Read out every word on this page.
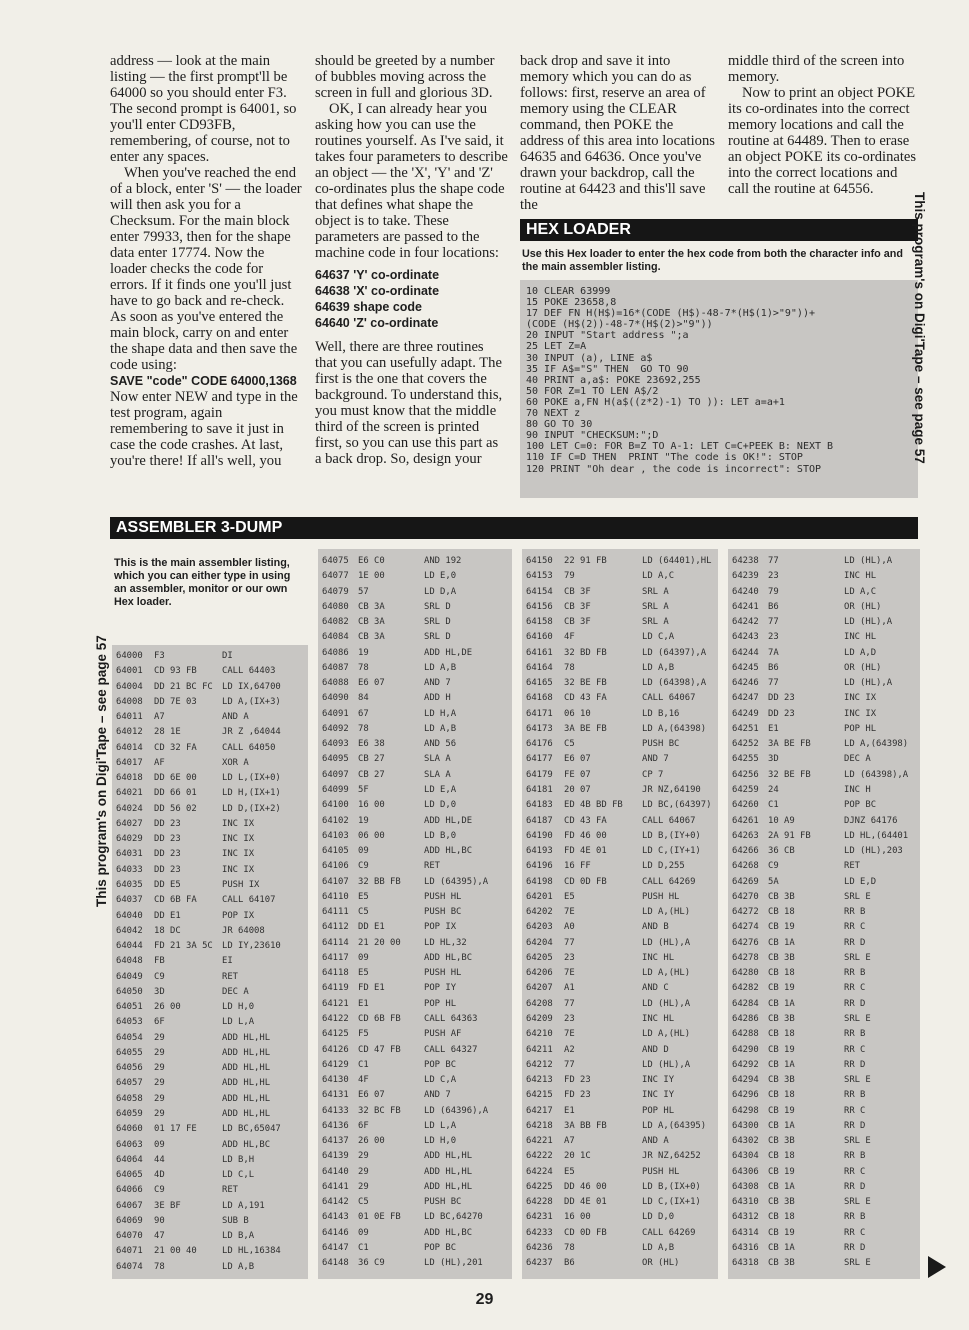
address — look at the main listing — the first prompt'll be 64000 so you should enter F3. The second prompt is 64001, so you'll enter CD93FB, remembering, of course, not to enter any spaces.

When you've reached the end of a block, enter 'S' — the loader will then ask you for a Checksum. For the main block enter 79933, then for the shape data enter 17774. Now the loader checks the code for errors. If it finds one you'll just have to go back and re-check. As soon as you've entered the main block, carry on and enter the shape data and then save the code using:

SAVE "code" CODE 64000,1368

Now enter NEW and type in the test program, again remembering to save it just in case the code crashes. At last, you're there! If all's well, you

should be greeted by a number of bubbles moving across the screen in full and glorious 3D.

OK, I can already hear you asking how you can use the routines yourself. As I've said, it takes four parameters to describe an object — the 'X', 'Y' and 'Z' co-ordinates plus the shape code that defines what shape the object is to take. These parameters are passed to the machine code in four locations:

64637 'Y' co-ordinate

64638 'X' co-ordinate

64639 shape code

64640 'Z' co-ordinate

Well, there are three routines that you can usefully adapt. The first is the one that covers the background. To understand this, you must know that the middle third of the screen is printed first, so you can use this part as a back drop. So, design your

back drop and save it into memory which you can do as follows: first, reserve an area of memory using the CLEAR command, then POKE the address of this area into locations 64635 and 64636. Once you've drawn your backdrop, call the routine at 64423 and this'll save the

middle third of the screen into memory.

Now to print an object POKE its co-ordinates into the correct memory locations and call the routine at 64489. Then to erase an object POKE its co-ordinates into the correct locations and call the routine at 64556.

HEX LOADER
Use this Hex loader to enter the hex code from both the character info and the main assembler listing.
10 CLEAR 63999
15 POKE 23658,8
17 DEF FN H(H$)=16*(CODE (H$)-48-7*(H$(1)>"9"))+
(CODE (H$(2))-48-7*(H$(2)>"9"))
20 INPUT "Start address ";a
25 LET Z=A
30 INPUT (a), LINE a$
35 IF A$="S" THEN  GO TO 90
40 PRINT a,a$: POKE 23692,255
50 FOR Z=1 TO LEN A$/2
60 POKE a,FN H(a$((z*2)-1) TO )): LET a=a+1
70 NEXT z
80 GO TO 30
90 INPUT "CHECKSUM:";D
100 LET C=0: FOR B=Z TO A-1: LET C=C+PEEK B: NEXT B
110 IF C=D THEN  PRINT "The code is OK!": STOP
120 PRINT "Oh dear , the code is incorrect": STOP
ASSEMBLER 3-DUMP
This program's on Digi'Tape – see page 57
This program's on Digi'Tape – see page 57
This is the main assembler listing, which you can either type in using an assembler, monitor or our own Hex loader.
64000	F3	DI
64001	CD 93 FB	CALL 64403
64004	DD 21 BC FC	LD IX,64700
64008	DD 7E 03	LD A,(IX+3)
64011	A7	AND A
64012	28 1E	JR Z ,64044
64014	CD 32 FA	CALL 64050
64017	AF	XOR A
64018	DD 6E 00	LD L,(IX+0)
64021	DD 66 01	LD H,(IX+1)
64024	DD 56 02	LD D,(IX+2)
64027	DD 23	INC IX
64029	DD 23	INC IX
64031	DD 23	INC IX
64033	DD 23	INC IX
64035	DD E5	PUSH IX
64037	CD 6B FA	CALL 64107
64040	DD E1	POP IX
64042	18 DC	JR 64008
64044	FD 21 3A 5C	LD IY,23610
64048	FB	EI
64049	C9	RET
64050	3D	DEC A
64051	26 00	LD H,0
64053	6F	LD L,A
64054	29	ADD HL,HL
64055	29	ADD HL,HL
64056	29	ADD HL,HL
64057	29	ADD HL,HL
64058	29	ADD HL,HL
64059	29	ADD HL,HL
64060	01 17 FE	LD BC,65047
64063	09	ADD HL,BC
64064	44	LD B,H
64065	4D	LD C,L
64066	C9	RET
64067	3E BF	LD A,191
64069	90	SUB B
64070	47	LD B,A
64071	21 00 40	LD HL,16384
64074	78	LD A,B
64075	E6 C0	AND 192
64077	1E 00	LD E,0
64079	57	LD D,A
64080	CB 3A	SRL D
64082	CB 3A	SRL D
64084	CB 3A	SRL D
64086	19	ADD HL,DE
64087	78	LD A,B
64088	E6 07	AND 7
64090	84	ADD H
64091	67	LD H,A
64092	78	LD A,B
64093	E6 38	AND 56
64095	CB 27	SLA A
64097	CB 27	SLA A
64099	5F	LD E,A
64100	16 00	LD D,0
64102	19	ADD HL,DE
64103	06 00	LD B,0
64105	09	ADD HL,BC
64106	C9	RET
64107	32 BB FB	LD (64395),A
64110	E5	PUSH HL
64111	C5	PUSH BC
64112	DD E1	POP IX
64114	21 20 00	LD HL,32
64117	09	ADD HL,BC
64118	E5	PUSH HL
64119	FD E1	POP IY
64121	E1	POP HL
64122	CD 6B FB	CALL 64363
64125	F5	PUSH AF
64126	CD 47 FB	CALL 64327
64129	C1	POP BC
64130	4F	LD C,A
64131	E6 07	AND 7
64133	32 BC FB	LD (64396),A
64136	6F	LD L,A
64137	26 00	LD H,0
64139	29	ADD HL,HL
64140	29	ADD HL,HL
64141	29	ADD HL,HL
64142	C5	PUSH BC
64143	01 0E FB	LD BC,64270
64146	09	ADD HL,BC
64147	C1	POP BC
64148	36 C9	LD (HL),201
64150	22 91 FB	LD (64401),HL
64153	79	LD A,C
64154	CB 3F	SRL A
64156	CB 3F	SRL A
64158	CB 3F	SRL A
64160	4F	LD C,A
64161	32 BD FB	LD (64397),A
64164	78	LD A,B
64165	32 BE FB	LD (64398),A
64168	CD 43 FA	CALL 64067
64171	06 10	LD B,16
64173	3A BE FB	LD A,(64398)
64176	C5	PUSH BC
64177	E6 07	AND 7
64179	FE 07	CP 7
64181	20 07	JR NZ,64190
64183	ED 4B BD FB	LD BC,(64397)
64187	CD 43 FA	CALL 64067
64190	FD 46 00	LD B,(IY+0)
64193	FD 4E 01	LD C,(IY+1)
64196	16 FF	LD D,255
64198	CD 0D FB	CALL 64269
64201	E5	PUSH HL
64202	7E	LD A,(HL)
64203	A0	AND B
64204	77	LD (HL),A
64205	23	INC HL
64206	7E	LD A,(HL)
64207	A1	AND C
64208	77	LD (HL),A
64209	23	INC HL
64210	7E	LD A,(HL)
64211	A2	AND D
64212	77	LD (HL),A
64213	FD 23	INC IY
64215	FD 23	INC IY
64217	E1	POP HL
64218	3A BB FB	LD A,(64395)
64221	A7	AND A
64222	20 1C	JR NZ,64252
64224	E5	PUSH HL
64225	DD 46 00	LD B,(IX+0)
64228	DD 4E 01	LD C,(IX+1)
64231	16 00	LD D,0
64233	CD 0D FB	CALL 64269
64236	78	LD A,B
64237	B6	OR (HL)
64238	77	LD (HL),A
64239	23	INC HL
64240	79	LD A,C
64241	B6	OR (HL)
64242	77	LD (HL),A
64243	23	INC HL
64244	7A	LD A,D
64245	B6	OR (HL)
64246	77	LD (HL),A
64247	DD 23	INC IX
64249	DD 23	INC IX
64251	E1	POP HL
64252	3A BE FB	LD A,(64398)
64255	3D	DEC A
64256	32 BE FB	LD (64398),A
64259	24	INC H
64260	C1	POP BC
64261	10 A9	DJNZ 64176
64263	2A 91 FB	LD HL,(64401
64266	36 CB	LD (HL),203
64268	C9	RET
64269	5A	LD E,D
64270	CB 3B	SRL E
64272	CB 18	RR B
64274	CB 19	RR C
64276	CB 1A	RR D
64278	CB 3B	SRL E
64280	CB 18	RR B
64282	CB 19	RR C
64284	CB 1A	RR D
64286	CB 3B	SRL E
64288	CB 18	RR B
64290	CB 19	RR C
64292	CB 1A	RR D
64294	CB 3B	SRL E
64296	CB 18	RR B
64298	CB 19	RR C
64300	CB 1A	RR D
64302	CB 3B	SRL E
64304	CB 18	RR B
64306	CB 19	RR C
64308	CB 1A	RR D
64310	CB 3B	SRL E
64312	CB 18	RR B
64314	CB 19	RR C
64316	CB 1A	RR D
64318	CB 3B	SRL E
29
